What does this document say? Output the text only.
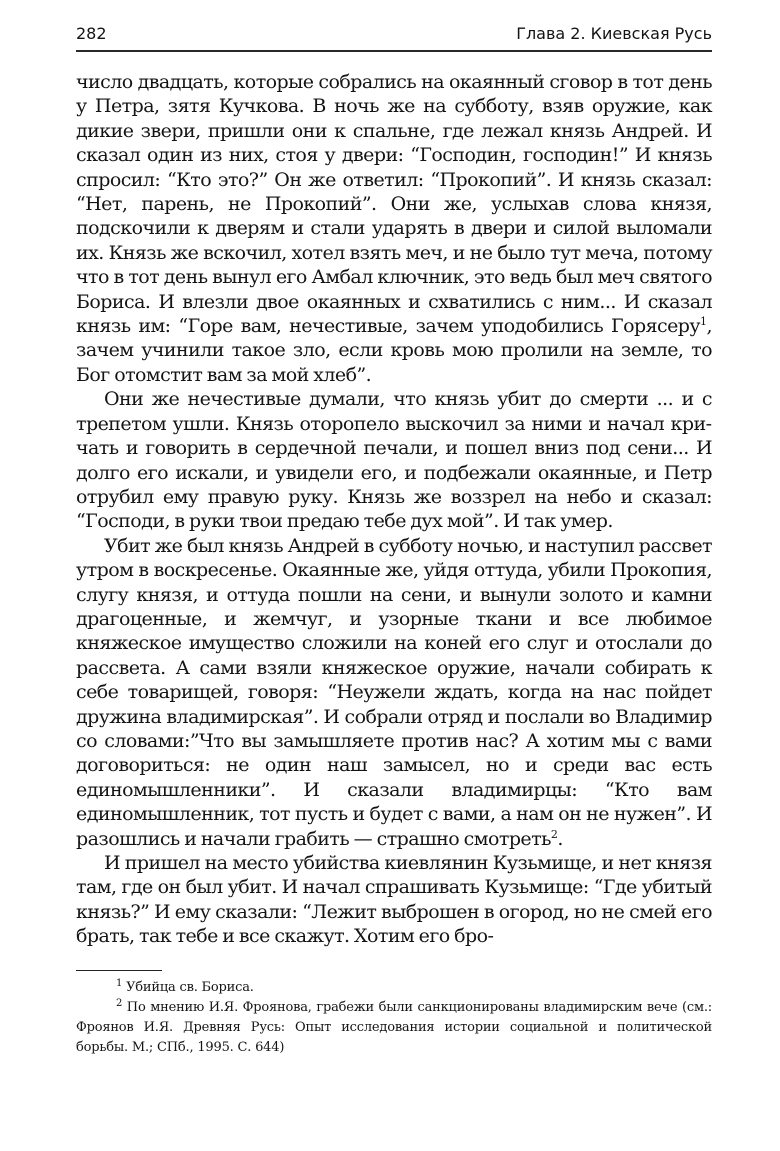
282	Глава 2. Киевская Русь

число двадцать, которые собрались на окаянный сговор в тот день у Петра, зятя Кучкова. В ночь же на субботу, взяв оружие, как дикие звери, пришли они к спальне, где лежал князь Андрей. И сказал один из них, стоя у двери: “Господин, господин!” И князь спросил: “Кто это?” Он же ответил: “Прокопий”. И князь сказал: “Нет, парень, не Прокопий”. Они же, услыхав слова князя, подскочили к дверям и стали ударять в двери и силой выломали их. Князь же вскочил, хотел взять меч, и не было тут меча, потому что в тот день вынул его Амбал ключник, это ведь был меч святого Бориса. И влезли двое окаянных и схватились с ним... И сказал князь им: “Горе вам, нечестивые, зачем уподобились Горясеру$^1$, зачем учинили такое зло, если кровь мою пролили на земле, то Бог отомстит вам за мой хлеб”.

Они же нечестивые думали, что князь убит до смерти ... и с трепетом ушли. Князь оторопело выскочил за ними и начал кричать и говорить в сердечной печали, и пошел вниз под сени... И долго его искали, и увидели его, и подбежали окаянные, и Петр отрубил ему правую руку. Князь же воззрел на небо и сказал: “Господи, в руки твои предаю тебе дух мой”. И так умер.

Убит же был князь Андрей в субботу ночью, и наступил рассвет утром в воскресенье. Окаянные же, уйдя оттуда, убили Прокопия, слугу князя, и оттуда пошли на сени, и вынули золото и камни драгоценные, и жемчуг, и узорные ткани и все любимое княжеское имущество сложили на коней его слуг и отослали до рассвета. А сами взяли княжеское оружие, начали собирать к себе товарищей, говоря: “Неужели ждать, когда на нас пойдет дружина владимирская”. И собрали отряд и послали во Владимир со словами:”Что вы замышляете против нас? А хотим мы с вами договориться: не один наш замысел, но и среди вас есть единомышленники”. И сказали владимирцы: “Кто вам единомышленник, тот пусть и будет с вами, а нам он не нужен”. И разошлись и начали грабить — страшно смотреть$^2$.

И пришел на место убийства киевлянин Кузьмище, и нет князя там, где он был убит. И начал спрашивать Кузьмище: “Где убитый князь?” И ему сказали: “Лежит выброшен в огород, но не смей его брать, так тебе и все скажут. Хотим его бро-

$^1$ Убийца св. Бориса.

$^2$ По мнению И.Я. Фроянова, грабежи были санкционированы владимирским вече (см.: Фроянов И.Я. Древняя Русь: Опыт исследования истории социальной и политической борьбы. М.; СПб., 1995. С. 644)
